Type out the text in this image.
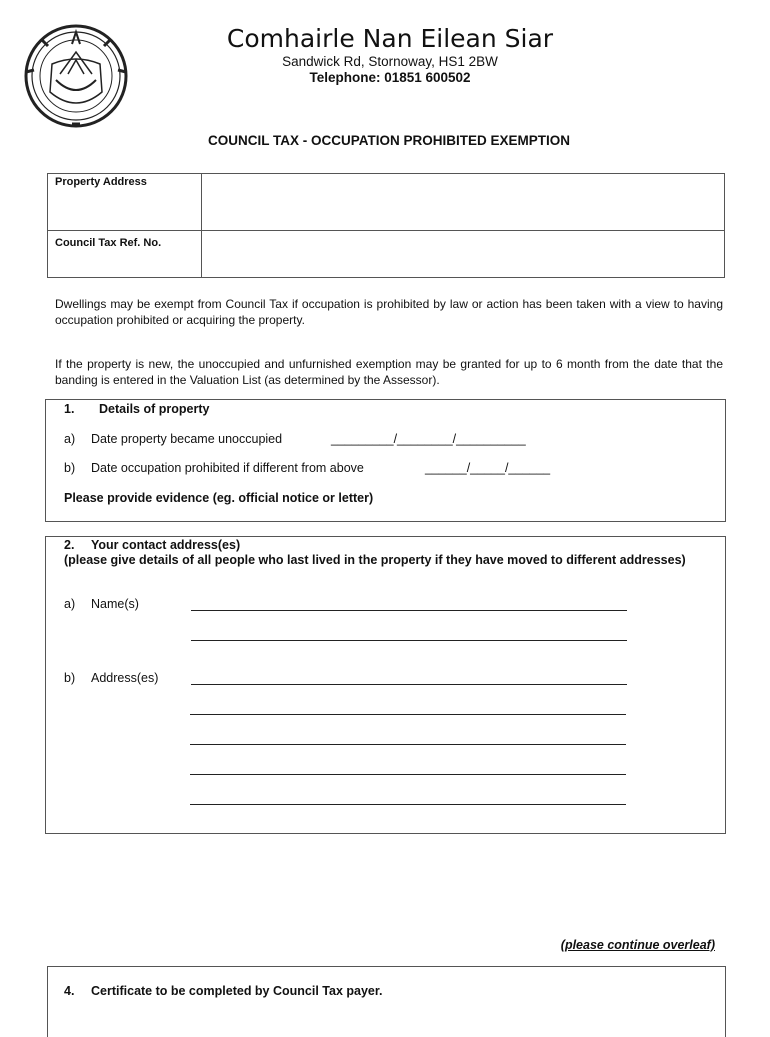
Comhairle Nan Eilean Siar
Sandwick Rd, Stornoway, HS1 2BW
Telephone: 01851 600502
COUNCIL TAX - OCCUPATION PROHIBITED EXEMPTION
Property Address	
Council Tax Ref. No.	
Dwellings may be exempt from Council Tax if occupation is prohibited by law or action has been taken with a view to having occupation prohibited or acquiring the property.
If the property is new, the unoccupied and unfurnished exemption may be granted for up to 6 month from the date that the banding is entered in the Valuation List (as determined by the Assessor).
1. Details of property
a) Date property became unoccupied	_________/________/__________
b) Date occupation prohibited if different from above	______/_____/______
Please provide evidence (eg. official notice or letter)
2. Your contact address(es)
(please give details of all people who last lived in the property if they have moved to different addresses)
a) Name(s)
b) Address(es)
(please continue overleaf)
4. Certificate to be completed by Council Tax payer.
